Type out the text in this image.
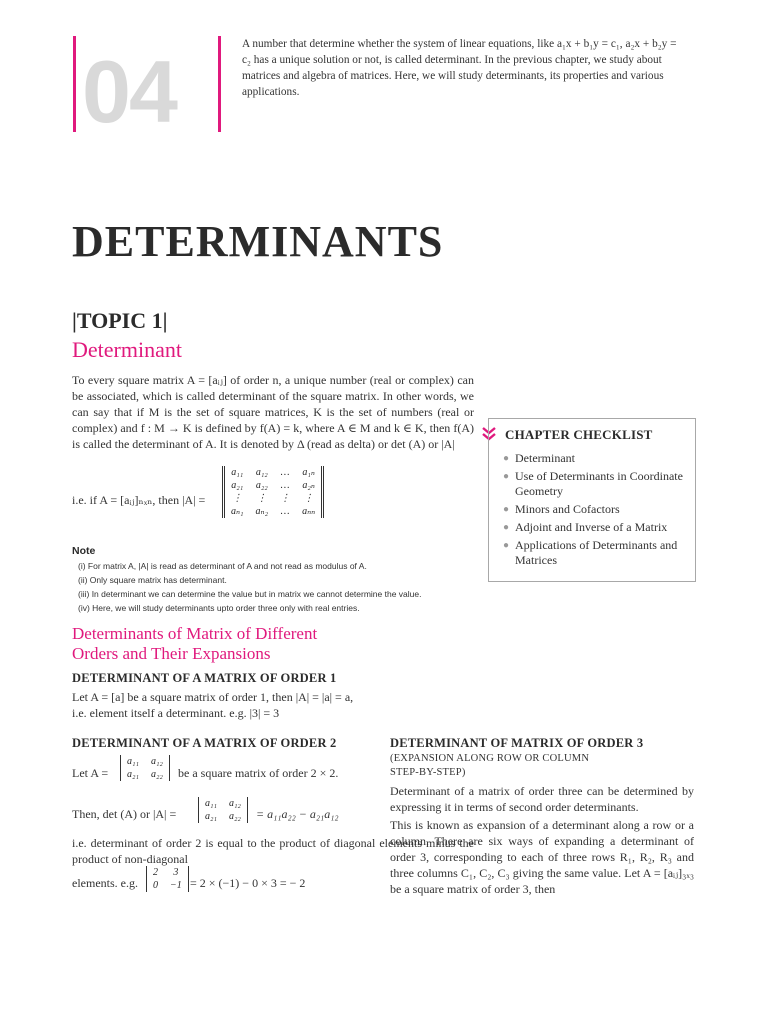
04	A number that determine whether the system of linear equations, like a₁x + b₁y = c₁, a₂x + b₂y = c₂ has a unique solution or not, is called determinant. In the previous chapter, we study about matrices and algebra of matrices. Here, we will study determinants, its properties and various applications.
DETERMINANTS
|TOPIC 1|
Determinant
To every square matrix A = [aᵢⱼ] of order n, a unique number (real or complex) can be associated, which is called determinant of the square matrix. In other words, we can say that if M is the set of square matrices, K is the set of numbers (real or complex) and f : M → K is defined by f(A) = k, where A ∈ M and k ∈ K, then f(A) is called the determinant of A. It is denoted by Δ (read as delta) or det (A) or |A|
i.e. if A = [aᵢⱼ]ₙₓₙ, then |A| =
a₁₁	a₁₂	…	a₁ₙ
a₂₁	a₂₂	…	a₂ₙ
⋮	⋮	⋮	⋮
aₙ₁	aₙ₂	…	aₙₙ
Note
(i) For matrix A, |A| is read as determinant of A and not read as modulus of A.
(ii) Only square matrix has determinant.
(iii) In determinant we can determine the value but in matrix we cannot determine the value.
(iv) Here, we will study determinants upto order three only with real entries.
CHAPTER CHECKLIST
● Determinant
● Use of Determinants in Coordinate Geometry
● Minors and Cofactors
● Adjoint and Inverse of a Matrix
● Applications of Determinants and Matrices
Determinants of Matrix of Different
Orders and Their Expansions
DETERMINANT OF A MATRIX OF ORDER 1
Let A = [a] be a square matrix of order 1, then |A| = |a| = a,
i.e. element itself a determinant. e.g. |3| = 3
DETERMINANT OF A MATRIX OF ORDER 2
Let A =
a₁₁	a₁₂
a₂₁	a₂₂ be a square matrix of order 2 × 2.
Then, det (A) or |A| =
a₁₁	a₁₂
a₂₁	a₂₂ = a₁₁a₂₂ − a₂₁a₁₂
i.e. determinant of order 2 is equal to the product of diagonal elements minus the product of non-diagonal
elements. e.g.
2	3
0	−1 = 2 × (−1) − 0 × 3 = − 2
DETERMINANT OF MATRIX OF ORDER 3
(EXPANSION ALONG ROW OR COLUMN
STEP-BY-STEP)
Determinant of a matrix of order three can be determined by expressing it in terms of second order determinants.
This is known as expansion of a determinant along a row or a column. There are six ways of expanding a determinant of order 3, corresponding to each of three rows R₁, R₂, R₃ and three columns C₁, C₂, C₃ giving the same value. Let A = [aᵢⱼ]₃ₓ₃ be a square matrix of order 3, then
